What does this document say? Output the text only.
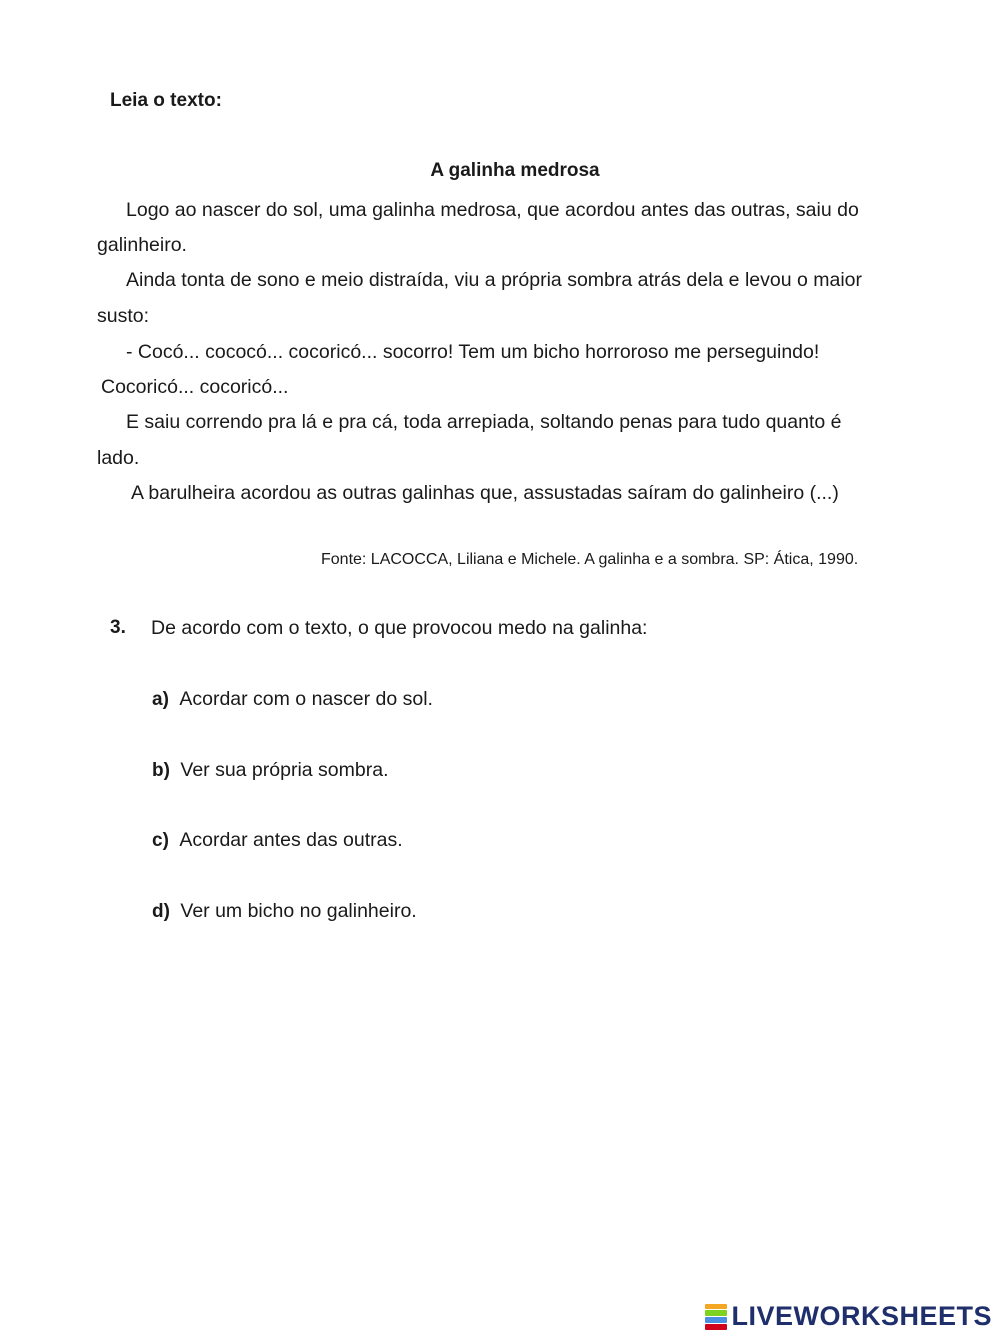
Leia o texto:
A galinha medrosa
Logo ao nascer do sol, uma galinha medrosa, que acordou antes das outras, saiu do
galinheiro.
Ainda tonta de sono e meio distraída, viu a própria sombra atrás dela e levou o maior
susto:
- Cocó... cococó... cocoricó... socorro! Tem um bicho horroroso me perseguindo!
Cocoricó... cocoricó...
E saiu correndo pra lá e pra cá, toda arrepiada, soltando penas para tudo quanto é
lado.
A barulheira acordou as outras galinhas que, assustadas saíram do galinheiro (...)
Fonte: LACOCCA, Liliana e Michele. A galinha e a sombra. SP: Ática, 1990.
3. De acordo com o texto, o que provocou medo na galinha:
a) Acordar com o nascer do sol.
b) Ver sua própria sombra.
c) Acordar antes das outras.
d) Ver um bicho no galinheiro.
LIVEWORKSHEETS
